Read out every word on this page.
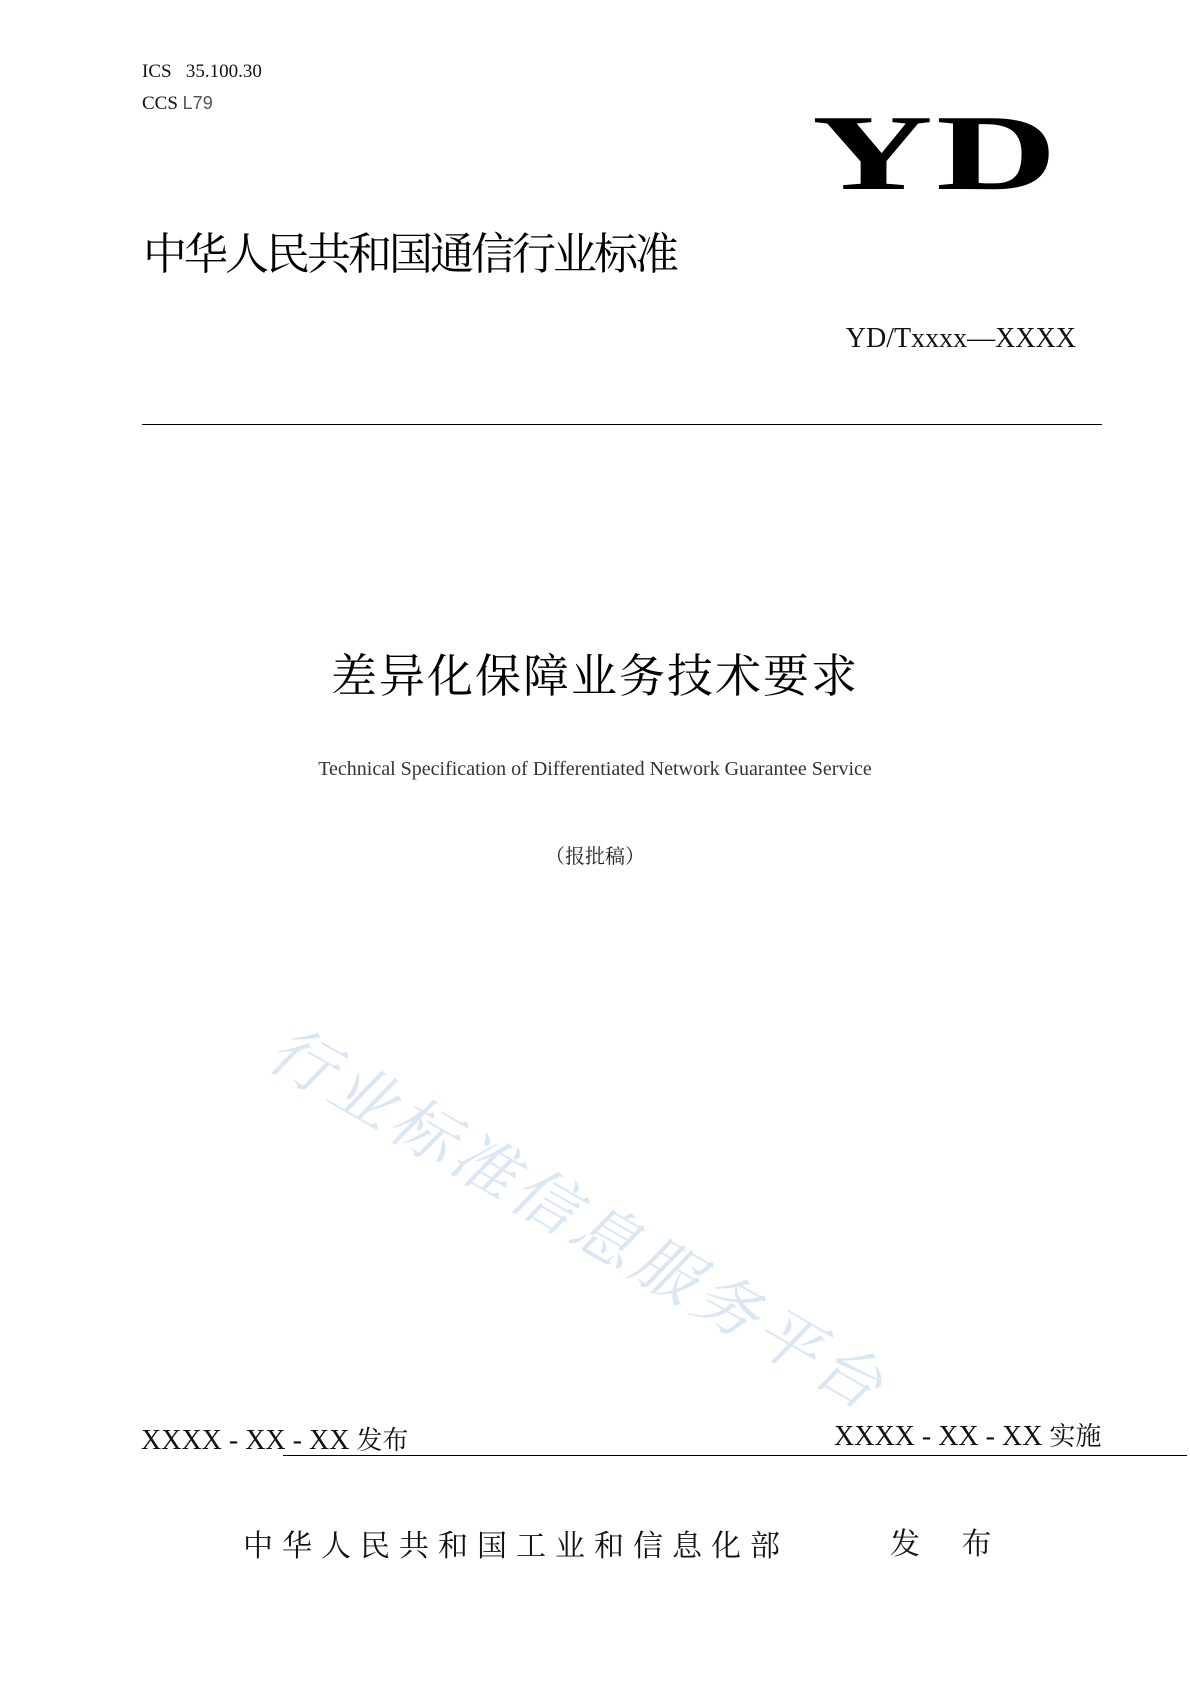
ICS 35.100.30
CCS L79	YD
中华人民共和国通信行业标准
YD/Txxxx—XXXX
差异化保障业务技术要求
Technical Specification of Differentiated Network Guarantee Service
（报批稿）
行业标准信息服务平台
XXXX - XX - XX 发布	XXXX - XX - XX 实施
中华人民共和国工业和信息化部	发 布
